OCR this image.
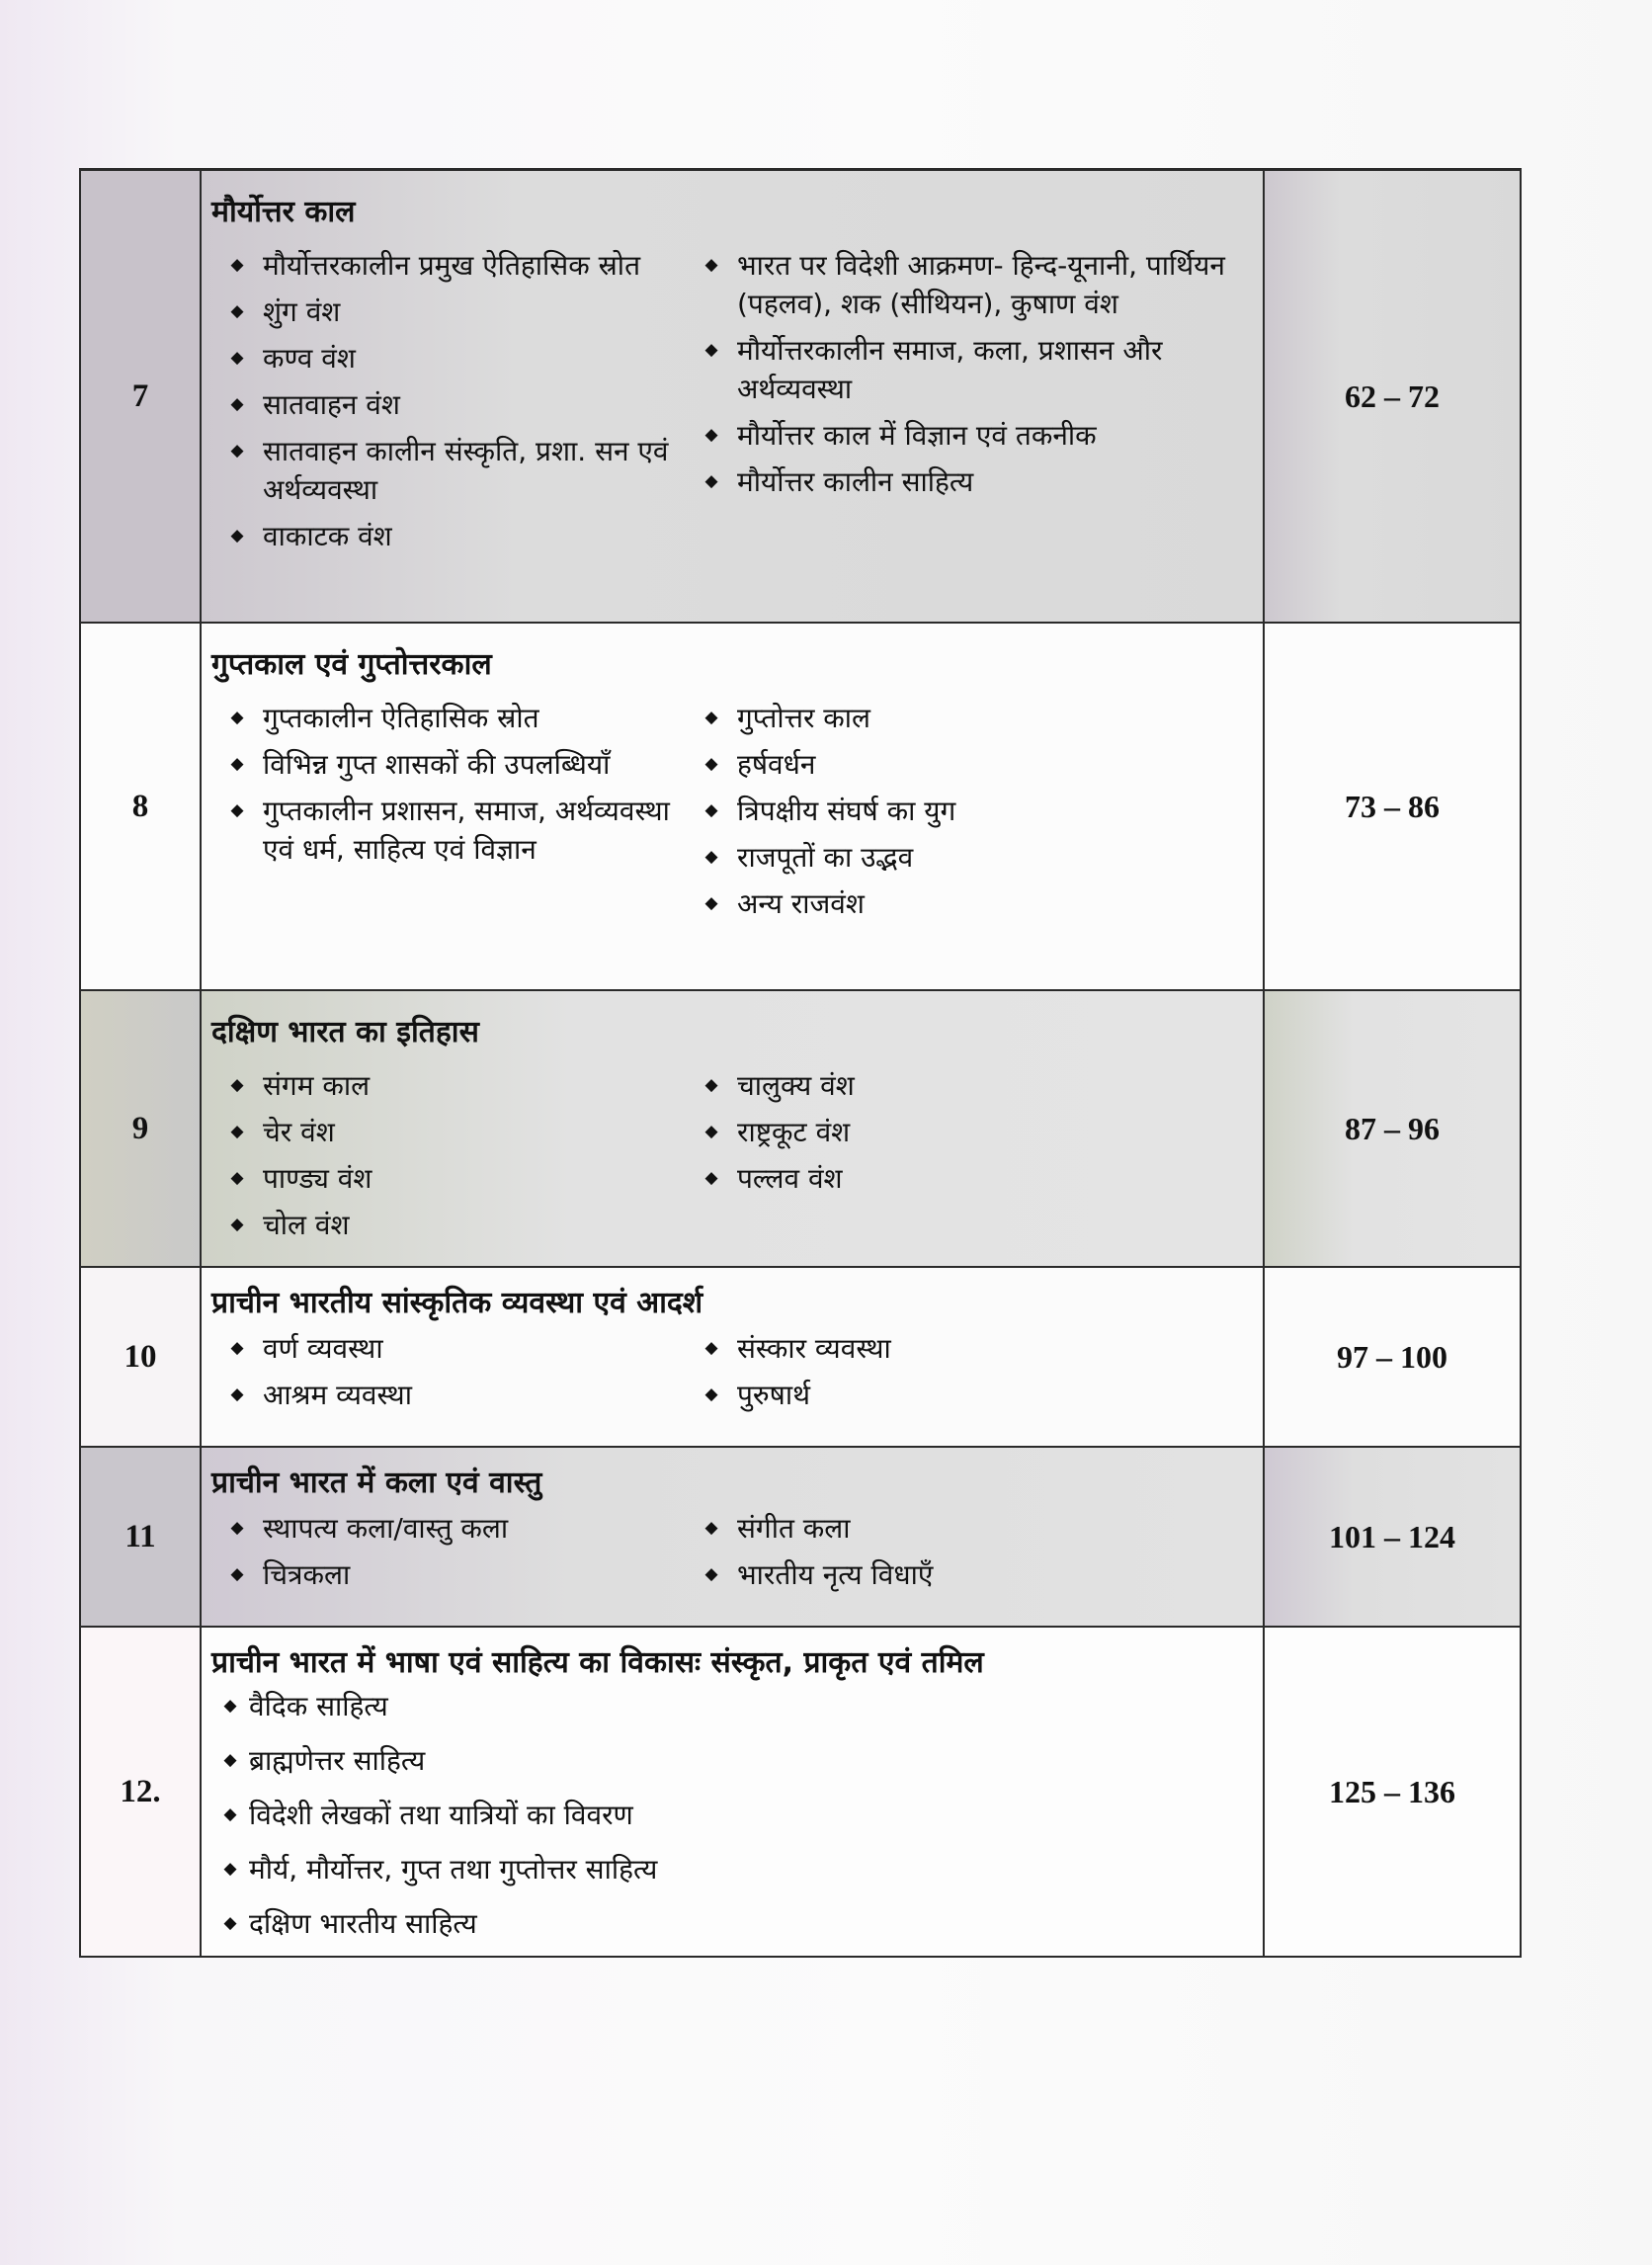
7
मौर्योत्तर काल
◆ मौर्योत्तरकालीन प्रमुख ऐतिहासिक स्रोत
◆ शुंग वंश
◆ कण्व वंश
◆ सातवाहन वंश
◆ सातवाहन कालीन संस्कृति, प्रशा. सन एवं अर्थव्यवस्था
◆ वाकाटक वंश
◆ भारत पर विदेशी आक्रमण- हिन्द-यूनानी, पार्थियन (पहलव), शक (सीथियन), कुषाण वंश
◆ मौर्योत्तरकालीन समाज, कला, प्रशासन और अर्थव्यवस्था
◆ मौर्योत्तर काल में विज्ञान एवं तकनीक
◆ मौर्योत्तर कालीन साहित्य
62 – 72
8
गुप्तकाल एवं गुप्तोत्तरकाल
◆ गुप्तकालीन ऐतिहासिक स्रोत
◆ विभिन्न गुप्त शासकों की उपलब्धियाँ
◆ गुप्तकालीन प्रशासन, समाज, अर्थव्यवस्था एवं धर्म, साहित्य एवं विज्ञान
◆ गुप्तोत्तर काल
◆ हर्षवर्धन
◆ त्रिपक्षीय संघर्ष का युग
◆ राजपूतों का उद्भव
◆ अन्य राजवंश
73 – 86
9
दक्षिण भारत का इतिहास
◆ संगम काल
◆ चेर वंश
◆ पाण्ड्य वंश
◆ चोल वंश
◆ चालुक्य वंश
◆ राष्ट्रकूट वंश
◆ पल्लव वंश
87 – 96
10
प्राचीन भारतीय सांस्कृतिक व्यवस्था एवं आदर्श
◆ वर्ण व्यवस्था
◆ आश्रम व्यवस्था
◆ संस्कार व्यवस्था
◆ पुरुषार्थ
97 – 100
11
प्राचीन भारत में कला एवं वास्तु
◆ स्थापत्य कला/वास्तु कला
◆ चित्रकला
◆ संगीत कला
◆ भारतीय नृत्य विधाएँ
101 – 124
12.
प्राचीन भारत में भाषा एवं साहित्य का विकासः संस्कृत, प्राकृत एवं तमिल
◆ वैदिक साहित्य
◆ ब्राह्मणेत्तर साहित्य
◆ विदेशी लेखकों तथा यात्रियों का विवरण
◆ मौर्य, मौर्योत्तर, गुप्त तथा गुप्तोत्तर साहित्य
◆ दक्षिण भारतीय साहित्य
125 – 136
